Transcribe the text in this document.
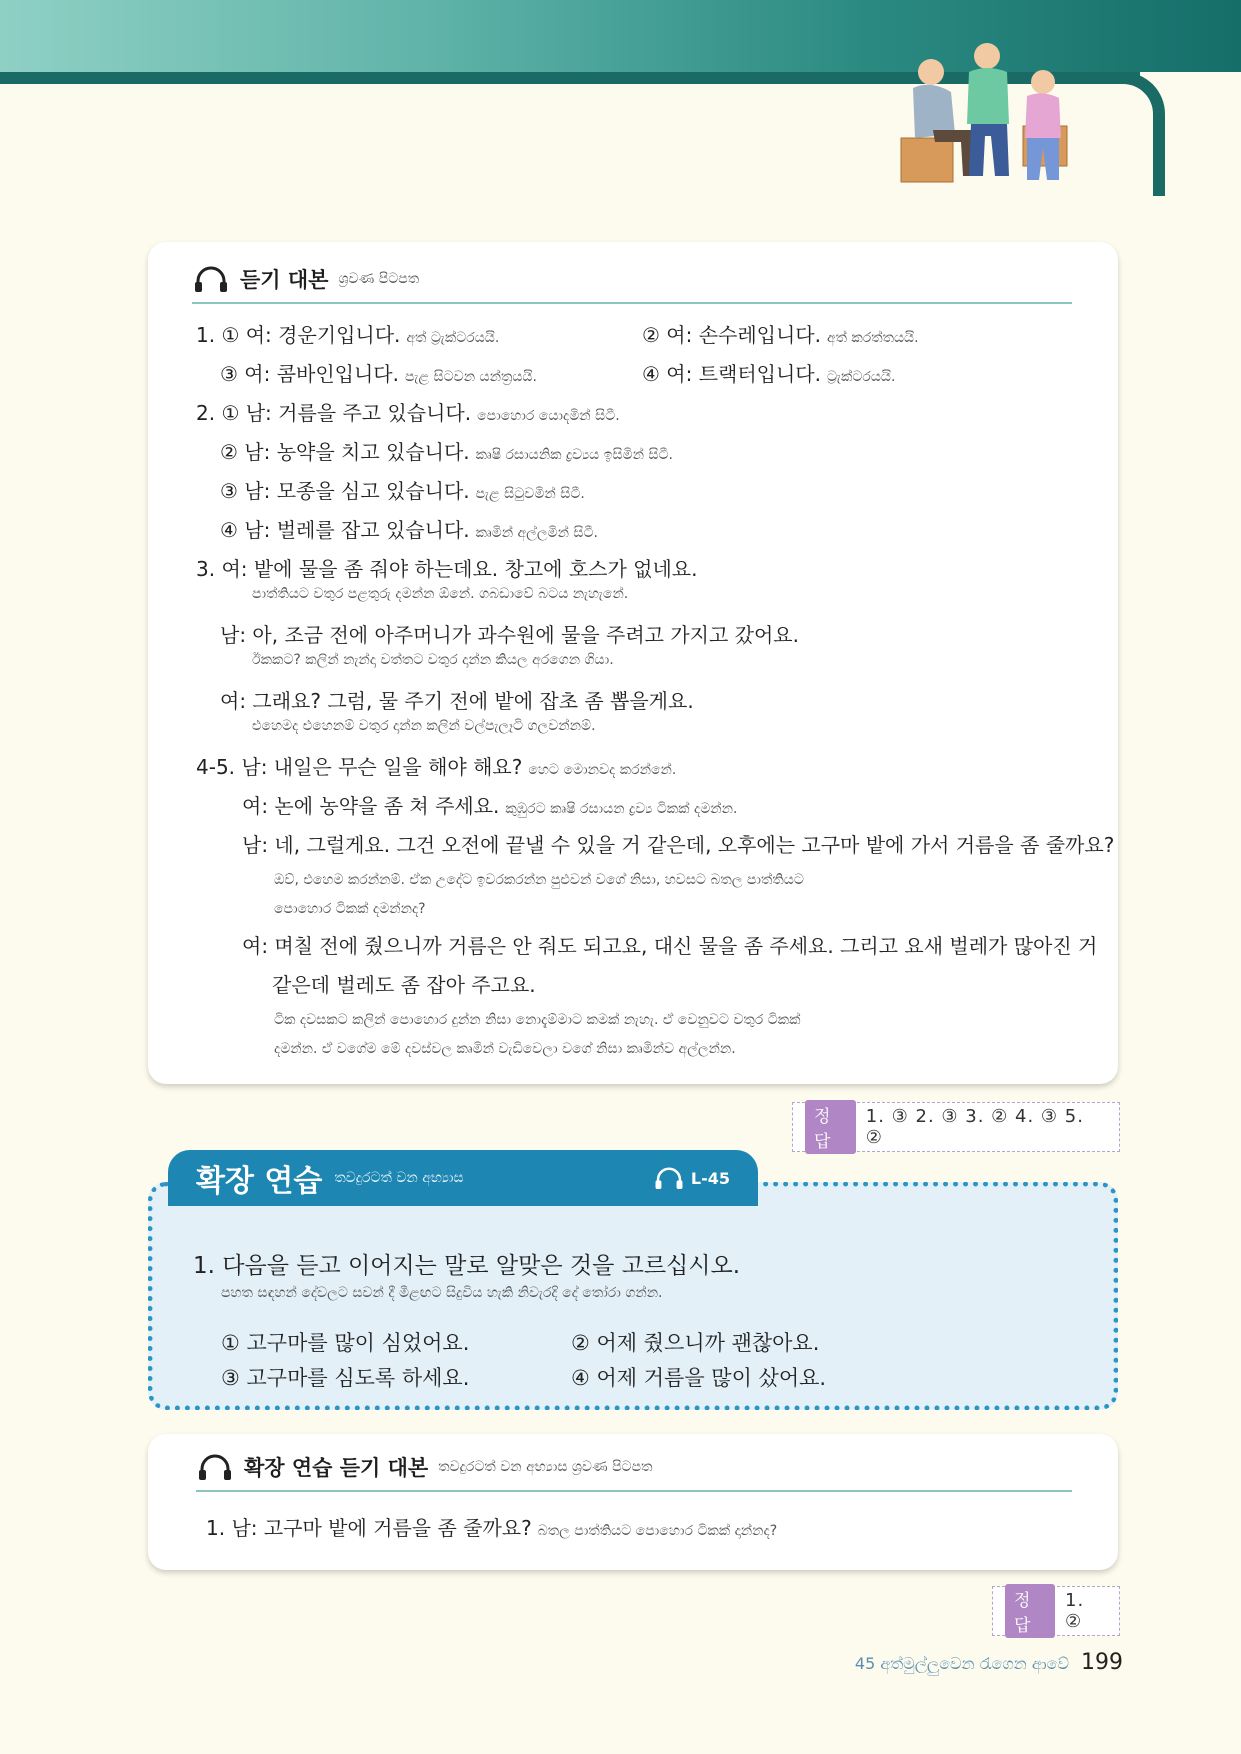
듣기 대본 ශ්‍රවණ පිටපත
1. ① 여: 경운기입니다. අත් ට්‍රැක්ටරයයි.	② 여: 손수레입니다. අත් කරත්තයයි.
③ 여: 콤바인입니다. පැළ සිටවන යන්ත්‍රයයි.	④ 여: 트랙터입니다. ට්‍රැක්ටරයයි.
2. ① 남: 거름을 주고 있습니다. පොහොර යොදමින් සිටී.
② 남: 농약을 치고 있습니다. කෘෂි රසායනික ද්‍රව්‍යය ඉසිමින් සිටී.
③ 남: 모종을 심고 있습니다. පැළ සිටුවමින් සිටී.
④ 남: 벌레를 잡고 있습니다. කෘමින් අල්ලමින් සිටී.
3. 여: 밭에 물을 좀 줘야 하는데요. 창고에 호스가 없네요.
පාත්තියට වතුර පළතුරු දමන්න ඕනේ. ගබඩාවේ බටය නැහැනේ.
남: 아, 조금 전에 아주머니가 과수원에 물을 주려고 가지고 갔어요.
ඊකකට? කලින් නැන්දා වත්තට වතුර දාන්න කියල අරගෙන ගියා.
여: 그래요? 그럼, 물 주기 전에 밭에 잡초 좀 뽑을게요.
එහෙමද එහෙනම් වතුර දාන්න කලින් වල්පැලෑටි ගලවන්නම්.
4-5. 남: 내일은 무슨 일을 해야 해요? හෙට මොනවද කරන්නේ.
여: 논에 농약을 좀 쳐 주세요. කුඹුරට කෘෂි රසායන ද්‍රව්‍ය ටිකක් දමන්න.
남: 네, 그럴게요. 그건 오전에 끝낼 수 있을 거 같은데, 오후에는 고구마 밭에 가서 거름을 좀 줄까요?
ඔව්, එහෙම කරන්නම්. ඒක උදේට ඉවරකරන්න පුළුවන් වගේ නිසා, හවසට බතල පාත්තියට
පොහොර ටිකක් දමන්නද?
여: 며칠 전에 줬으니까 거름은 안 줘도 되고요, 대신 물을 좀 주세요. 그리고 요새 벌레가 많아진 거
같은데 벌레도 좀 잡아 주고요.
ටික දවසකට කලින් පොහොර දුන්න නිසා නොදැම්මාට කමක් නැහැ. ඒ වෙනුවට වතුර ටිකක්
දමන්න. ඒ වගේම මේ දවස්වල කෘමින් වැඩිවෙලා වගේ නිසා කෘමින්ව අල්ලන්න.
정답
1. ③ 2. ③ 3. ② 4. ③ 5. ②
1. 다음을 듣고 이어지는 말로 알맞은 것을 고르십시오.
පහත සඳහන් දේවලට සවන් දී මීළඟට සිදුවිය හැකි නිවැරදි දේ තෝරා ගන්න.
① 고구마를 많이 심었어요.	② 어제 줬으니까 괜찮아요.
③ 고구마를 심도록 하세요.	④ 어제 거름을 많이 샀어요.
확장 연습 තවදුරටත් වන අභ්‍යාස	L-45
확장 연습 듣기 대본 තවදුරටත් වන අභ්‍යාස ශ්‍රවණ පිටපත
1. 남: 고구마 밭에 거름을 좀 줄까요? බතල පාත්තියට පොහොර ටිකක් දාන්නද?
정답
1. ②
45 අත්මුල්ලුවෙන රැගෙන ආවේ 199
